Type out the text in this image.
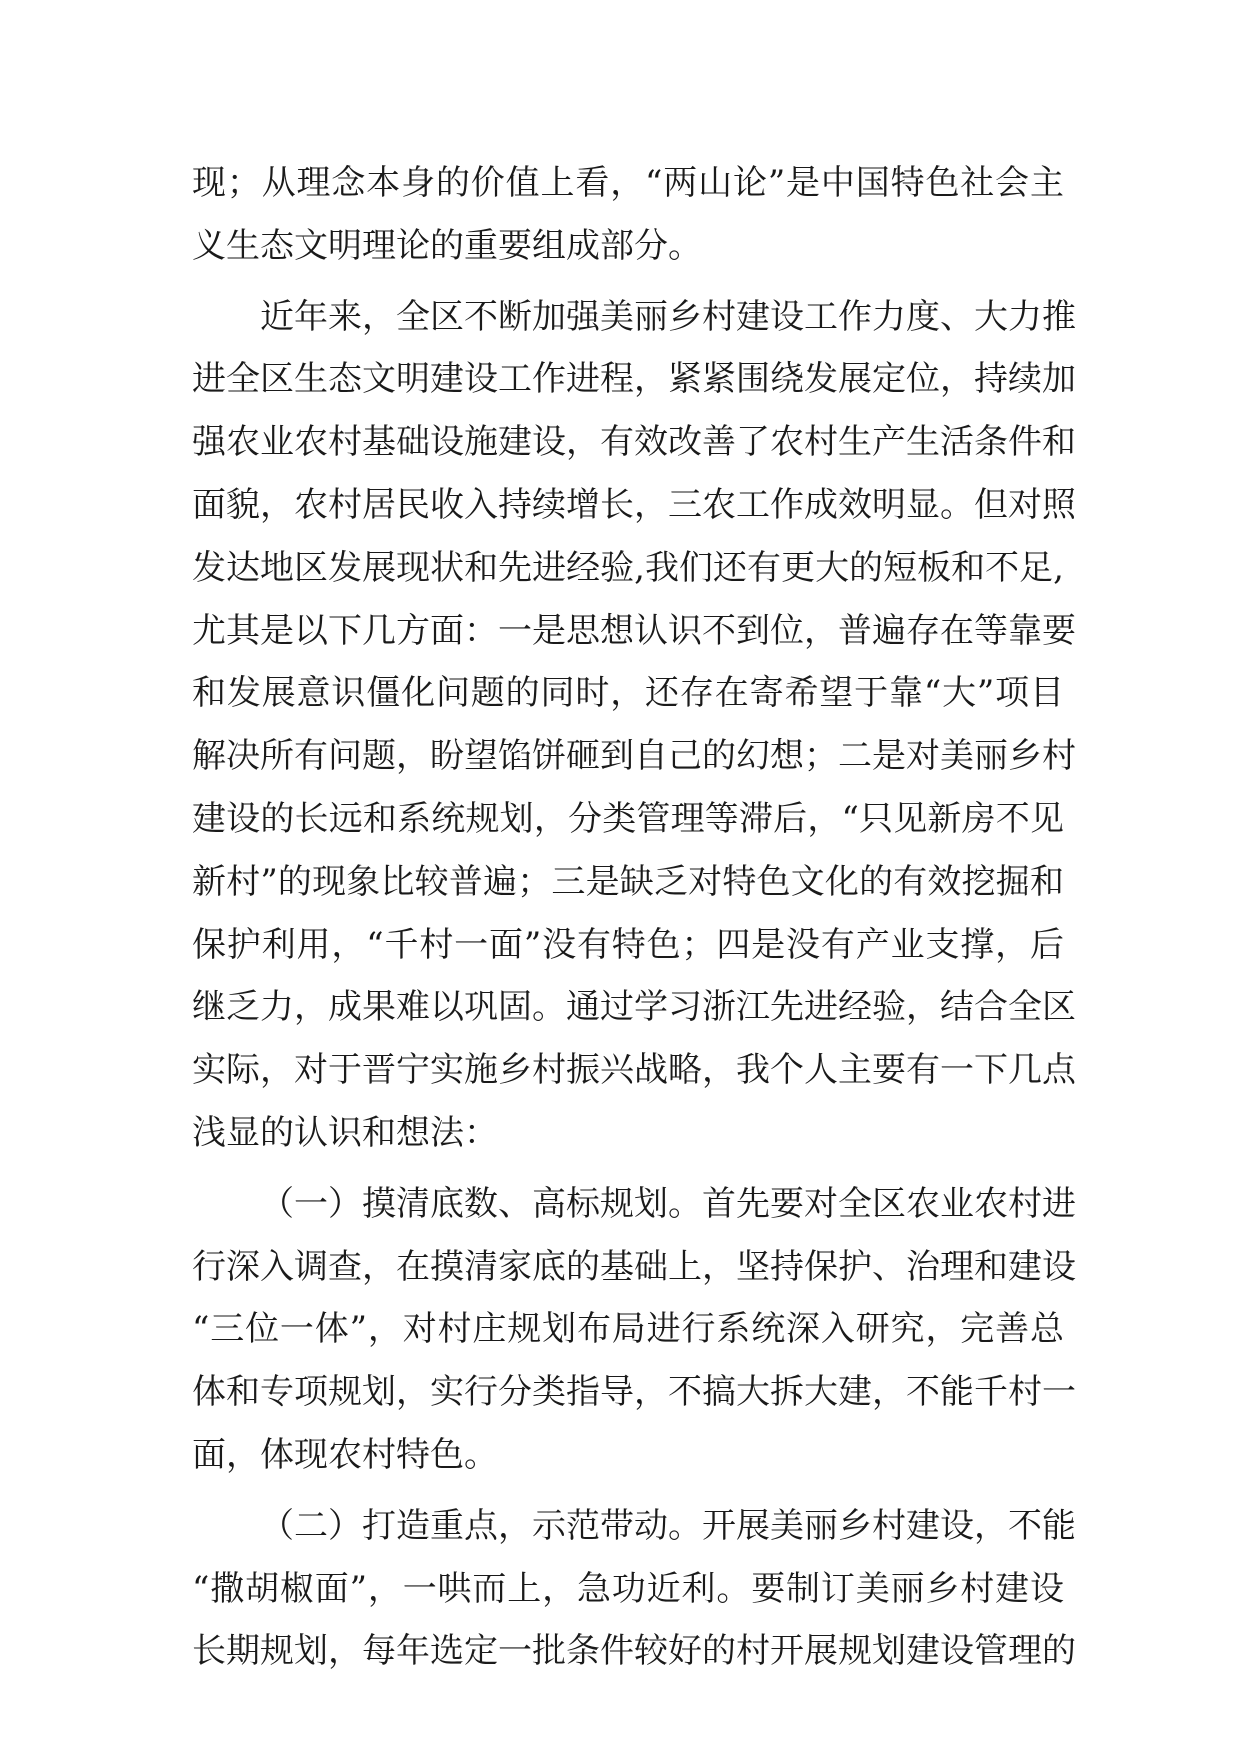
现；从理念本身的价值上看，“两山论”是中国特色社会主
义生态文明理论的重要组成部分。
近年来，全区不断加强美丽乡村建设工作力度、大力推
进全区生态文明建设工作进程，紧紧围绕发展定位，持续加
强农业农村基础设施建设，有效改善了农村生产生活条件和
面貌，农村居民收入持续增长，三农工作成效明显。但对照
发达地区发展现状和先进经验,我们还有更大的短板和不足,
尤其是以下几方面：一是思想认识不到位，普遍存在等靠要
和发展意识僵化问题的同时，还存在寄希望于靠“大”项目
解决所有问题，盼望馅饼砸到自己的幻想；二是对美丽乡村
建设的长远和系统规划，分类管理等滞后，“只见新房不见
新村”的现象比较普遍；三是缺乏对特色文化的有效挖掘和
保护利用，“千村一面”没有特色；四是没有产业支撑，后
继乏力，成果难以巩固。通过学习浙江先进经验，结合全区
实际，对于晋宁实施乡村振兴战略，我个人主要有一下几点
浅显的认识和想法：
（一）摸清底数、高标规划。首先要对全区农业农村进
行深入调查，在摸清家底的基础上，坚持保护、治理和建设
“三位一体”，对村庄规划布局进行系统深入研究，完善总
体和专项规划，实行分类指导，不搞大拆大建，不能千村一
面，体现农村特色。
（二）打造重点，示范带动。开展美丽乡村建设，不能
“撒胡椒面”，一哄而上，急功近利。要制订美丽乡村建设
长期规划，每年选定一批条件较好的村开展规划建设管理的
